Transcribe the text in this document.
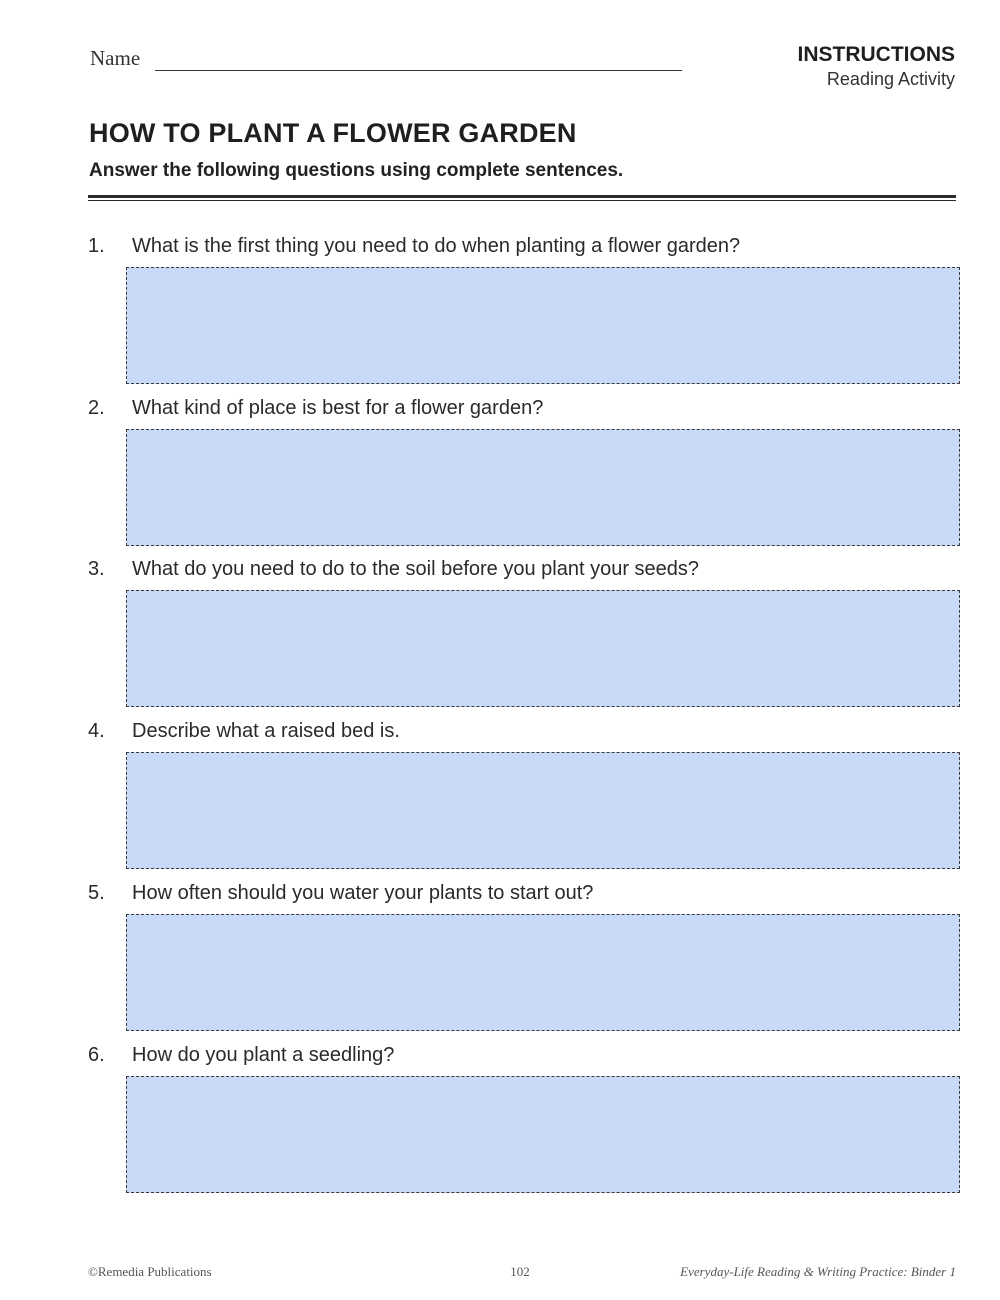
Name	INSTRUCTIONS
Reading Activity
HOW TO PLANT A FLOWER GARDEN
Answer the following questions using complete sentences.
1. What is the first thing you need to do when planting a flower garden?
2. What kind of place is best for a flower garden?
3. What do you need to do to the soil before you plant your seeds?
4. Describe what a raised bed is.
5. How often should you water your plants to start out?
6. How do you plant a seedling?
©Remedia Publications	102	Everyday-Life Reading & Writing Practice: Binder 1
